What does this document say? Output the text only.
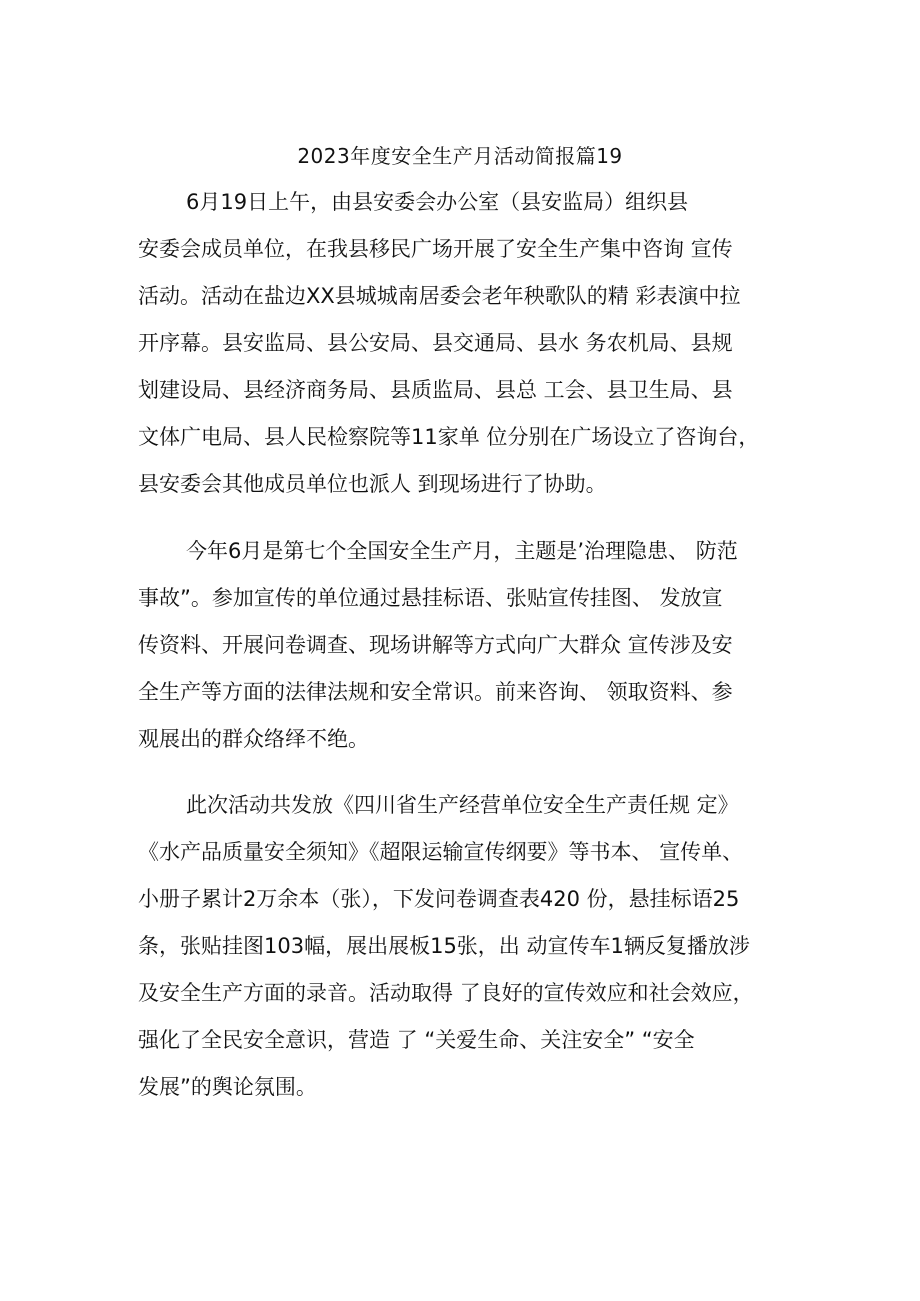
2023年度安全生产月活动简报篇19
6月19日上午，由县安委会办公室（县安监局）组织县
安委会成员单位，在我县移民广场开展了安全生产集中咨询 宣传
活动。活动在盐边XX县城城南居委会老年秧歌队的精 彩表演中拉
开序幕。县安监局、县公安局、县交通局、县水 务农机局、县规
划建设局、县经济商务局、县质监局、县总 工会、县卫生局、县
文体广电局、县人民检察院等11家单 位分别在广场设立了咨询台，
县安委会其他成员单位也派人 到现场进行了协助。
今年6月是第七个全国安全生产月，主题是’治理隐患、 防范
事故”。参加宣传的单位通过悬挂标语、张贴宣传挂图、 发放宣
传资料、开展问卷调查、现场讲解等方式向广大群众 宣传涉及安
全生产等方面的法律法规和安全常识。前来咨询、 领取资料、参
观展出的群众络绎不绝。
此次活动共发放《四川省生产经营单位安全生产责任规 定》
《水产品质量安全须知》《超限运输宣传纲要》等书本、 宣传单、
小册子累计2万余本（张），下发问卷调查表420 份，悬挂标语25
条，张贴挂图103幅，展出展板15张，出 动宣传车1辆反复播放涉
及安全生产方面的录音。活动取得 了良好的宣传效应和社会效应，
强化了全民安全意识，营造 了 “关爱生命、关注安全” “安全
发展”的舆论氛围。
